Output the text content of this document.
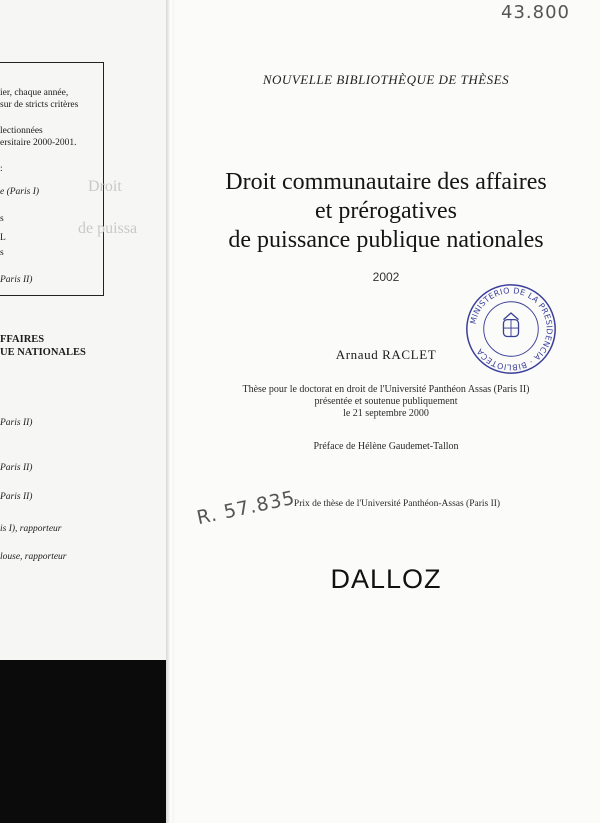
ier, chaque année,
sur de stricts critères
lectionnées
ersitaire 2000-2001.
:
e (Paris I)
s
L
s
Paris II)
Droit
de puissa
FFAIRES
UE NATIONALES
Paris II)
Paris II)
Paris II)
is I), rapporteur
louse, rapporteur
43.800
NOUVELLE BIBLIOTHÈQUE DE THÈSES
Droit communautaire des affaires
et prérogatives
de puissance publique nationales
2002
MINISTERIO DE LA PRESIDENCIA · BIBLIOTECA
Arnaud RACLET
Thèse pour le doctorat en droit de l'Université Panthéon Assas (Paris II)
présentée et soutenue publiquement
le 21 septembre 2000
Préface de Hélène Gaudemet-Tallon
R. 57.835
Prix de thèse de l'Université Panthéon-Assas (Paris II)
DALLOZ
